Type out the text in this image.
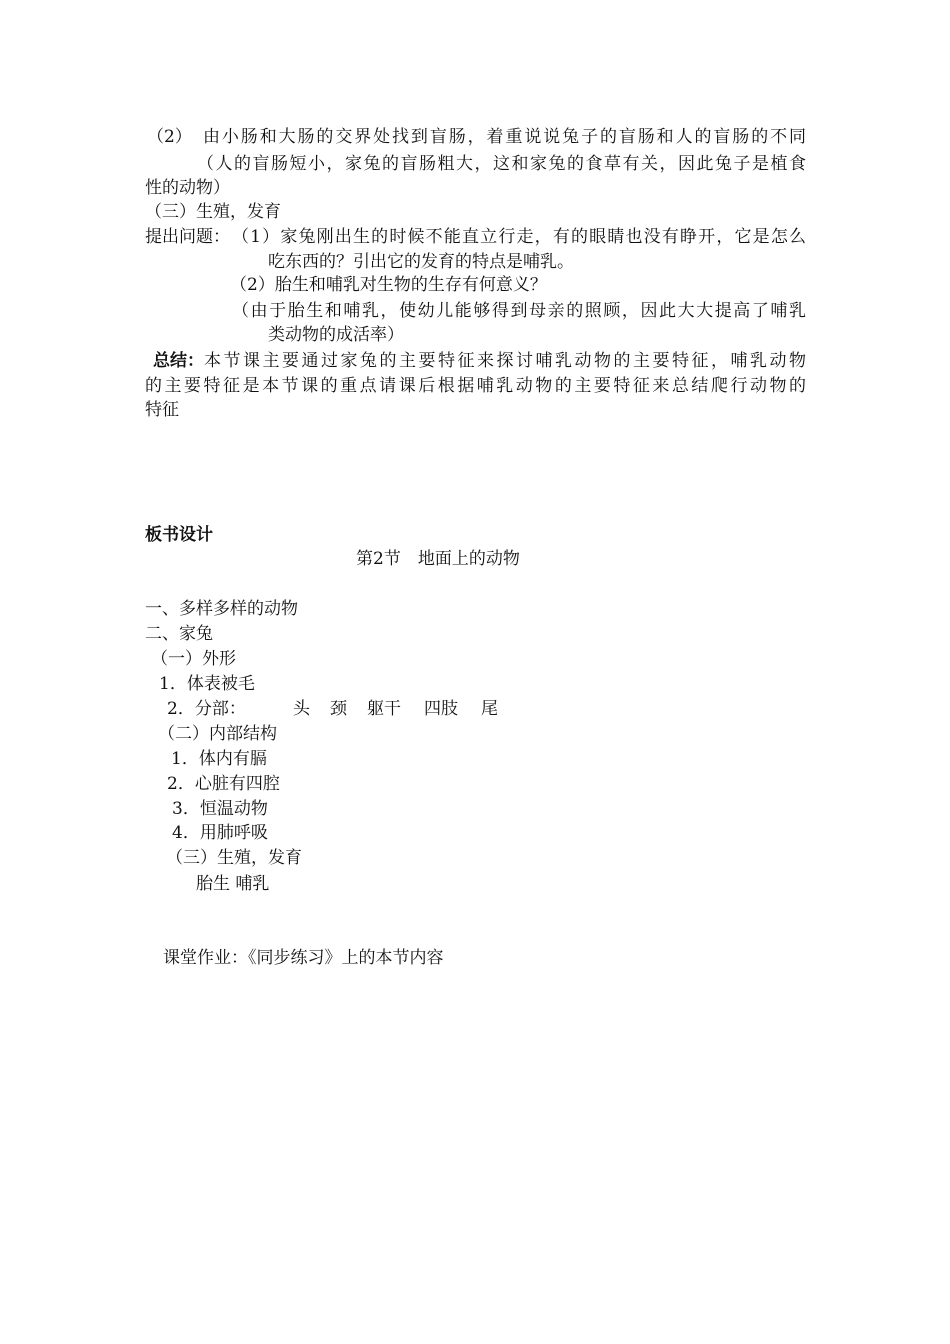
（2） 由小肠和大肠的交界处找到盲肠，着重说说兔子的盲肠和人的盲肠的不同
（人的盲肠短小，家兔的盲肠粗大，这和家兔的食草有关，因此兔子是植食
性的动物）
（三）生殖，发育
提出问题： （1）家兔刚出生的时候不能直立行走，有的眼睛也没有睁开，它是怎么
吃东西的？引出它的发育的特点是哺乳。
（2）胎生和哺乳对生物的生存有何意义？
（由于胎生和哺乳，使幼儿能够得到母亲的照顾，因此大大提高了哺乳
类动物的成活率）
总结： 本节课主要通过家兔的主要特征来探讨哺乳动物的主要特征，哺乳动物
的主要特征是本节课的重点请课后根据哺乳动物的主要特征来总结爬行动物的
特征
板书设计
第2节　地面上的动物
一、多样多样的动物
二、家兔
（一）外形
1．体表被毛
2．分部：	头 颈 躯干 四肢 尾
（二）内部结构
1．体内有膈
2．心脏有四腔
3．恒温动物
4．用肺呼吸
（三）生殖，发育
胎生 哺乳
课堂作业：《同步练习》上的本节内容
